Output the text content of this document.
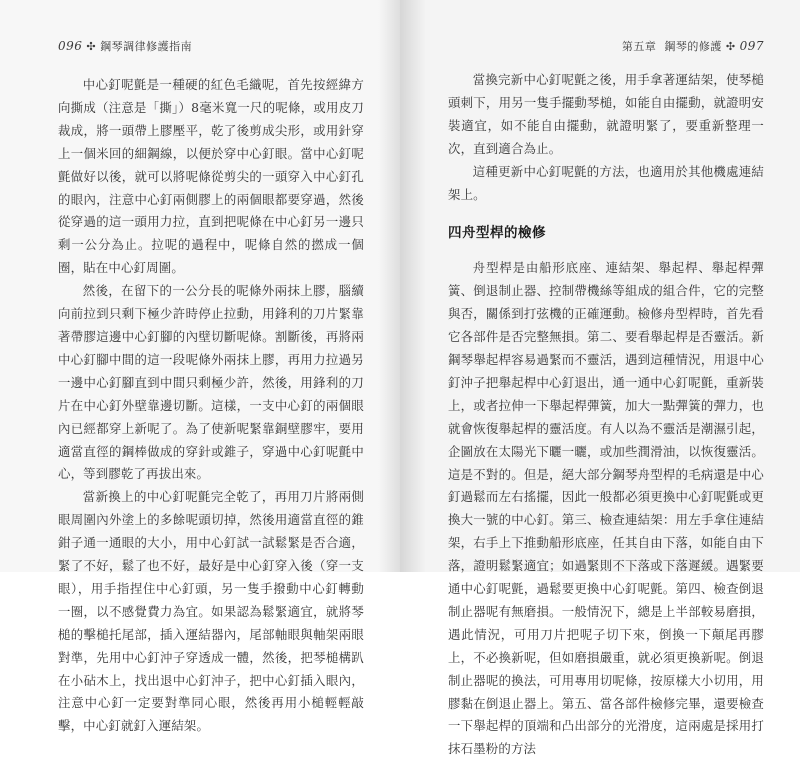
096 ✣ 鋼琴調律修護指南

中心釘呢氈是一種硬的紅色毛織呢，首先按經緯方向撕成（注意是「撕」）8毫米寬一尺的呢條，或用皮刀裁成，將一頭帶上膠壓平，乾了後剪成尖形，或用針穿上一個米回的細鋼線，以便於穿中心釘眼。當中心釘呢氈做好以後，就可以將呢條從剪尖的一頭穿入中心釘孔的眼內，注意中心釘兩側膠上的兩個眼都要穿過，然後從穿過的這一頭用力拉，直到把呢條在中心釘另一邊只剩一公分為止。拉呢的過程中，呢條自然的撚成一個圈，貼在中心釘周圍。

然後，在留下的一公分長的呢條外兩抹上膠，腦續向前拉到只剩下極少許時停止拉動，用鋒利的刀片緊靠著帶膠這邊中心釘腳的內壁切斷呢條。割斷後，再將兩中心釘腳中間的這一段呢條外兩抹上膠，再用力拉過另一邊中心釘腳直到中間只剩極少許，然後，用鋒利的刀片在中心釘外壁靠邊切斷。這樣，一支中心釘的兩個眼內已經都穿上新呢了。為了使新呢緊靠銅壁膠牢，要用適當直徑的鋼棒做成的穿針或錐子，穿過中心釘呢氈中心，等到膠乾了再拔出來。

當新換上的中心釘呢氈完全乾了，再用刀片將兩側眼周圍內外塗上的多餘呢頭切掉，然後用適當直徑的錐鉗子通一通眼的大小，用中心釘試一試鬆緊是否合適，緊了不好，鬆了也不好，最好是中心釘穿入後（穿一支眼），用手指捏住中心釘頭，另一隻手撥動中心釘轉動一圈，以不感覺費力為宜。如果認為鬆緊適宜，就將琴槌的擊槌托尾部，插入運結器內，尾部軸眼與軸架兩眼對準，先用中心釘沖子穿透成一體，然後，把琴槌構趴在小砧木上，找出退中心釘沖子，把中心釘插入眼內，注意中心釘一定要對準同心眼，然後再用小槌輕輕敲擊，中心釘就釘入運結架。

第五章 鋼琴的修護 ✣ 097

當換完新中心釘呢氈之後，用手拿著運結架，使琴槌頭刺下，用另一隻手擺動琴槌，如能自由擺動，就證明安裝適宜，如不能自由擺動，就證明緊了，要重新整理一次，直到適合為止。

這種更新中心釘呢氈的方法，也適用於其他機處連結架上。

四舟型桿的檢修

舟型桿是由船形底座、連結架、舉起桿、舉起桿彈簧、倒退制止器、控制帶機絲等組成的組合件，它的完整與否，關係到打弦機的正確運動。檢修舟型桿時，首先看它各部件是否完整無損。第二、要看舉起桿是否靈活。新鋼琴舉起桿容易過緊而不靈活，遇到這種情況，用退中心釘沖子把舉起桿中心釘退出，通一通中心釘呢氈，重新裝上，或者拉伸一下舉起桿彈簧，加大一點彈簧的彈力，也就會恢復舉起桿的靈活度。有人以為不靈活是潮濕引起，企圖放在太陽光下曬一曬，或加些潤滑油，以恢復靈活。這是不對的。但是，絕大部分鋼琴舟型桿的毛病還是中心釘過鬆而左右搖擺，因此一般都必須更換中心釘呢氈或更換大一號的中心釘。第三、檢查連結架：用左手拿住連結架，右手上下推動船形底座，任其自由下落，如能自由下落，證明鬆緊適宜；如過緊則不下落或下落遲緩。遇緊要通中心釘呢氈，過鬆要更換中心釘呢氈。第四、檢查倒退制止器呢有無磨損。一般情況下，總是上半部較易磨損，遇此情況，可用刀片把呢子切下來，倒換一下顛尾再膠上，不必換新呢，但如磨損嚴重，就必須更換新呢。倒退制止器呢的換法，可用專用切呢條，按原樣大小切用，用膠黏在倒退止器上。第五、當各部件檢修完畢，還要檢查一下舉起桿的頂端和凸出部分的光滑度，這兩處是採用打抹石墨粉的方法
